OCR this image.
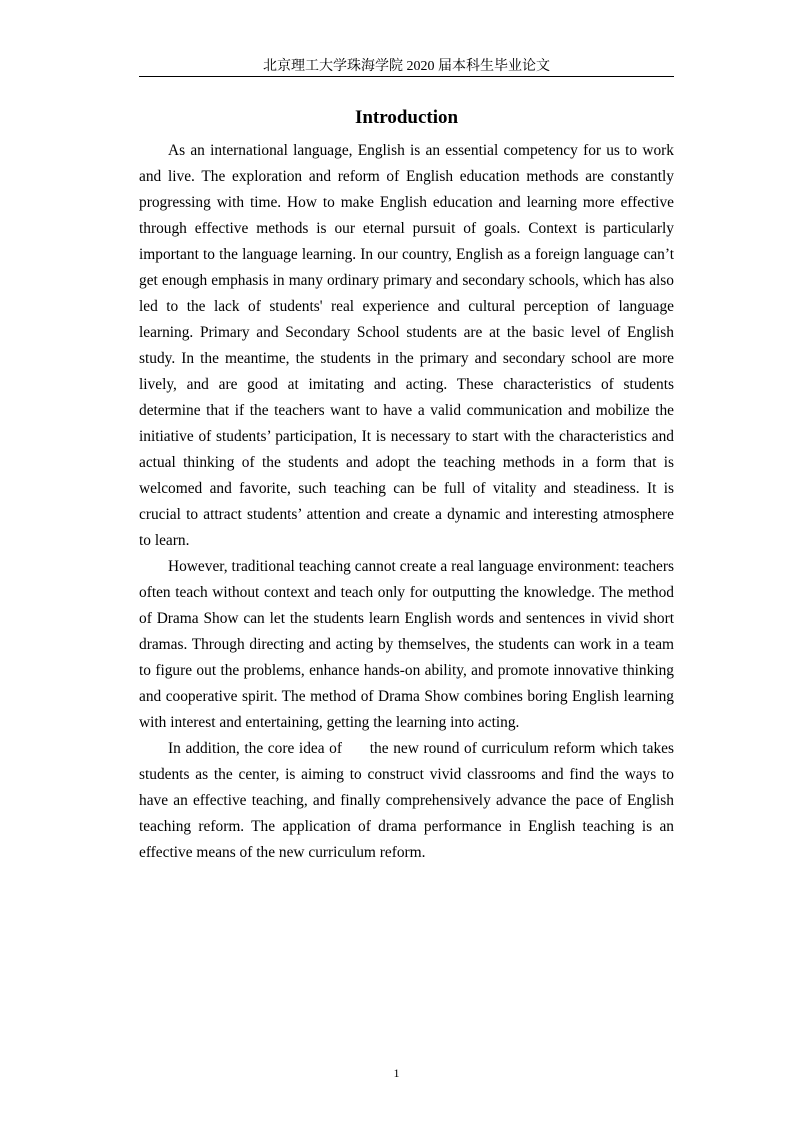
北京理工大学珠海学院 2020 届本科生毕业论文
Introduction

As an international language, English is an essential competency for us to work and live. The exploration and reform of English education methods are constantly progressing with time. How to make English education and learning more effective through effective methods is our eternal pursuit of goals. Context is particularly important to the language learning. In our country, English as a foreign language can’t get enough emphasis in many ordinary primary and secondary schools, which has also led to the lack of students' real experience and cultural perception of language learning. Primary and Secondary School students are at the basic level of English study. In the meantime, the students in the primary and secondary school are more lively, and are good at imitating and acting. These characteristics of students determine that if the teachers want to have a valid communication and mobilize the initiative of students’ participation, It is necessary to start with the characteristics and actual thinking of the students and adopt the teaching methods in a form that is welcomed and favorite, such teaching can be full of vitality and steadiness. It is crucial to attract students’ attention and create a dynamic and interesting atmosphere to learn.

However, traditional teaching cannot create a real language environment: teachers often teach without context and teach only for outputting the knowledge. The method of Drama Show can let the students learn English words and sentences in vivid short dramas. Through directing and acting by themselves, the students can work in a team to figure out the problems, enhance hands-on ability, and promote innovative thinking and cooperative spirit. The method of Drama Show combines boring English learning with interest and entertaining, getting the learning into acting.

In addition, the core idea of      the new round of curriculum reform which takes students as the center, is aiming to construct vivid classrooms and find the ways to have an effective teaching, and finally comprehensively advance the pace of English teaching reform. The application of drama performance in English teaching is an effective means of the new curriculum reform.

1
